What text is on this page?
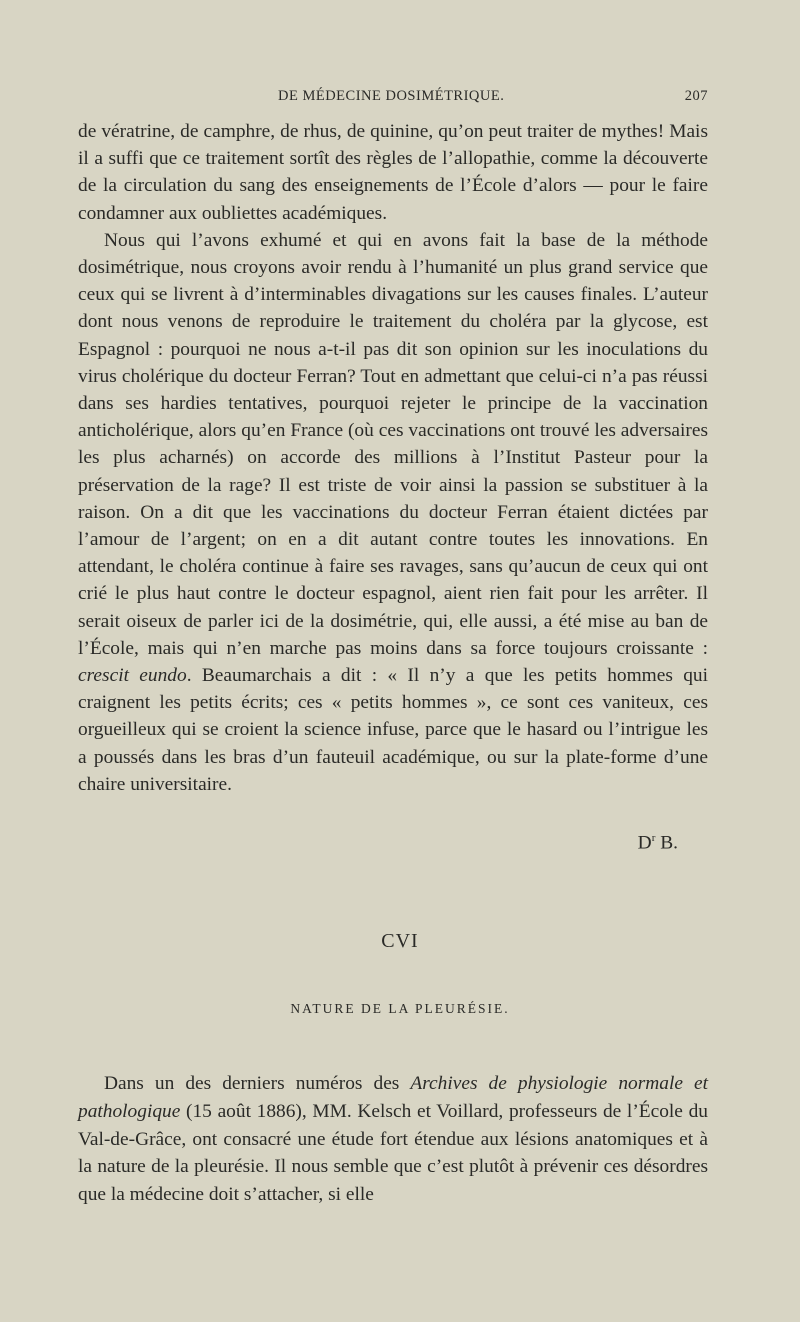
DE MÉDECINE DOSIMÉTRIQUE.	207

de vératrine, de camphre, de rhus, de quinine, qu’on peut traiter de mythes! Mais il a suffi que ce traitement sortît des règles de l’allopathie, comme la découverte de la circulation du sang des enseignements de l’École d’alors — pour le faire condamner aux oubliettes académiques.

Nous qui l’avons exhumé et qui en avons fait la base de la méthode dosimétrique, nous croyons avoir rendu à l’humanité un plus grand service que ceux qui se livrent à d’interminables divagations sur les causes finales. L’auteur dont nous venons de reproduire le traitement du choléra par la glycose, est Espagnol : pourquoi ne nous a-t-il pas dit son opinion sur les inoculations du virus cholérique du docteur Ferran? Tout en admettant que celui-ci n’a pas réussi dans ses hardies tentatives, pourquoi rejeter le principe de la vaccination anticholérique, alors qu’en France (où ces vaccinations ont trouvé les adversaires les plus acharnés) on accorde des millions à l’Institut Pasteur pour la préservation de la rage? Il est triste de voir ainsi la passion se substituer à la raison. On a dit que les vaccinations du docteur Ferran étaient dictées par l’amour de l’argent; on en a dit autant contre toutes les innovations. En attendant, le choléra continue à faire ses ravages, sans qu’aucun de ceux qui ont crié le plus haut contre le docteur espagnol, aient rien fait pour les arrêter. Il serait oiseux de parler ici de la dosimétrie, qui, elle aussi, a été mise au ban de l’École, mais qui n’en marche pas moins dans sa force toujours croissante : crescit eundo. Beaumarchais a dit : « Il n’y a que les petits hommes qui craignent les petits écrits; ces « petits hommes », ce sont ces vaniteux, ces orgueilleux qui se croient la science infuse, parce que le hasard ou l’intrigue les a poussés dans les bras d’un fauteuil académique, ou sur la plate-forme d’une chaire universitaire.

$D^r$ B.
CVI
NATURE DE LA PLEURÉSIE.

Dans un des derniers numéros des Archives de physiologie normale et pathologique (15 août 1886), MM. Kelsch et Voillard, professeurs de l’École du Val-de-Grâce, ont consacré une étude fort étendue aux lésions anatomiques et à la nature de la pleurésie. Il nous semble que c’est plutôt à prévenir ces désordres que la médecine doit s’attacher, si elle
